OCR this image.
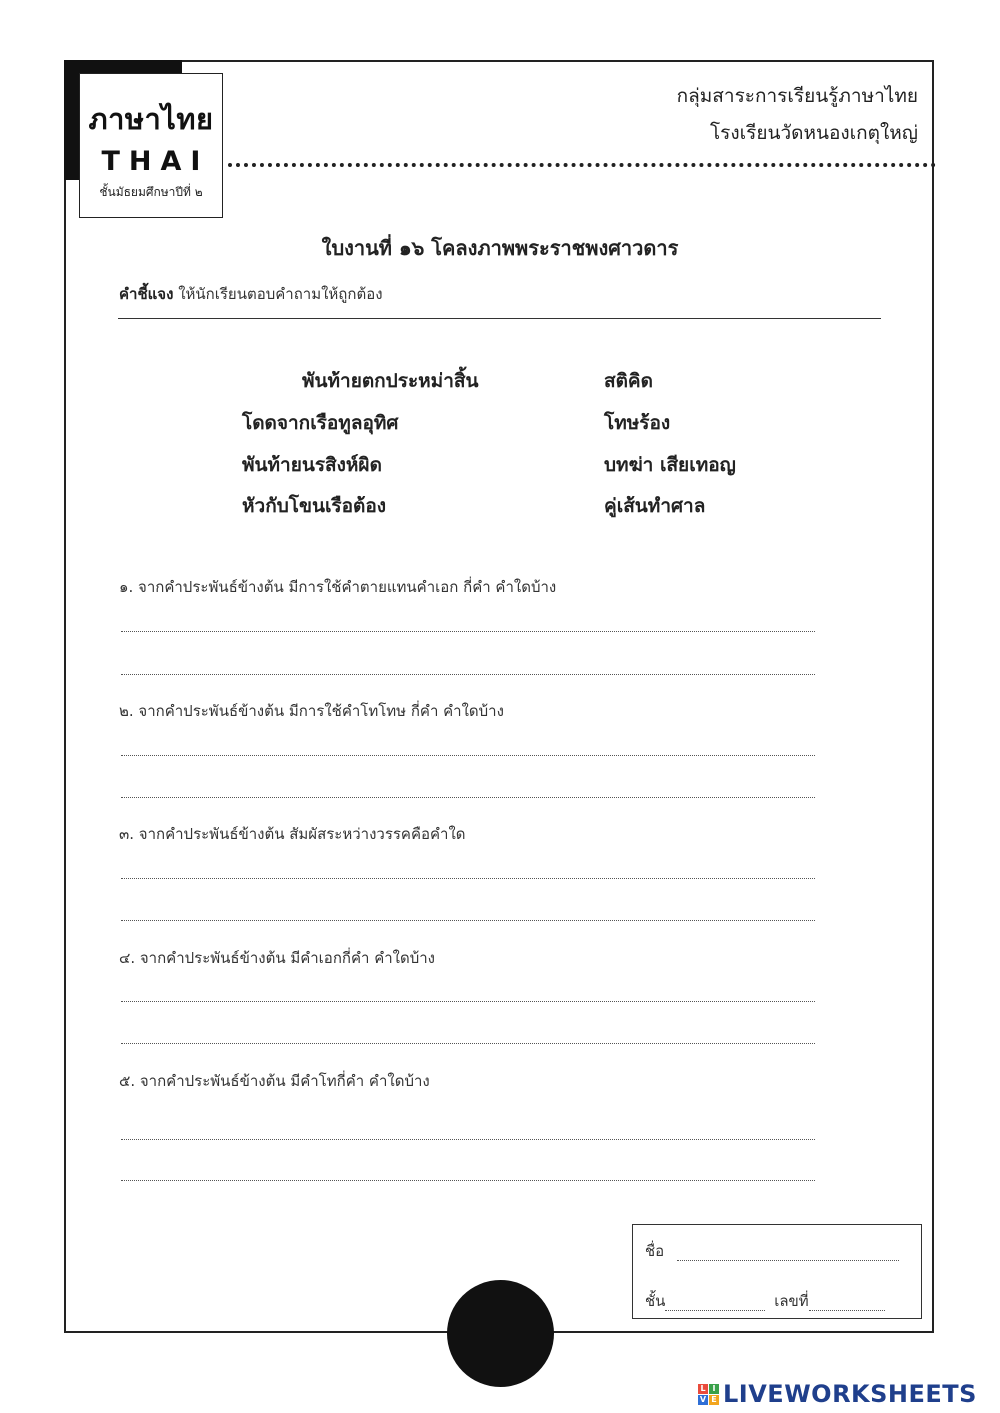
ภาษาไทย
THAI
ชั้นมัธยมศึกษาปีที่ ๒
กลุ่มสาระการเรียนรู้ภาษาไทย
โรงเรียนวัดหนองเกตุใหญ่
ใบงานที่ ๑๖ โคลงภาพพระราชพงศาวดาร
คำชี้แจง ให้นักเรียนตอบคำถามให้ถูกต้อง
พันท้ายตกประหม่าสิ้น	สติคิด
โดดจากเรือทูลอุทิศ	โทษร้อง
พันท้ายนรสิงห์ผิด	บทฆ่า เสียเทอญ
หัวกับโขนเรือต้อง	คู่เส้นทำศาล
๑. จากคำประพันธ์ข้างต้น มีการใช้คำตายแทนคำเอก กี่คำ คำใดบ้าง
๒. จากคำประพันธ์ข้างต้น มีการใช้คำโทโทษ กี่คำ คำใดบ้าง
๓. จากคำประพันธ์ข้างต้น สัมผัสระหว่างวรรคคือคำใด
๔. จากคำประพันธ์ข้างต้น มีคำเอกกี่คำ คำใดบ้าง
๕. จากคำประพันธ์ข้างต้น มีคำโทกี่คำ คำใดบ้าง
ชื่อ
ชั้น	เลขที่
L I
V E LIVEWORKSHEETS
